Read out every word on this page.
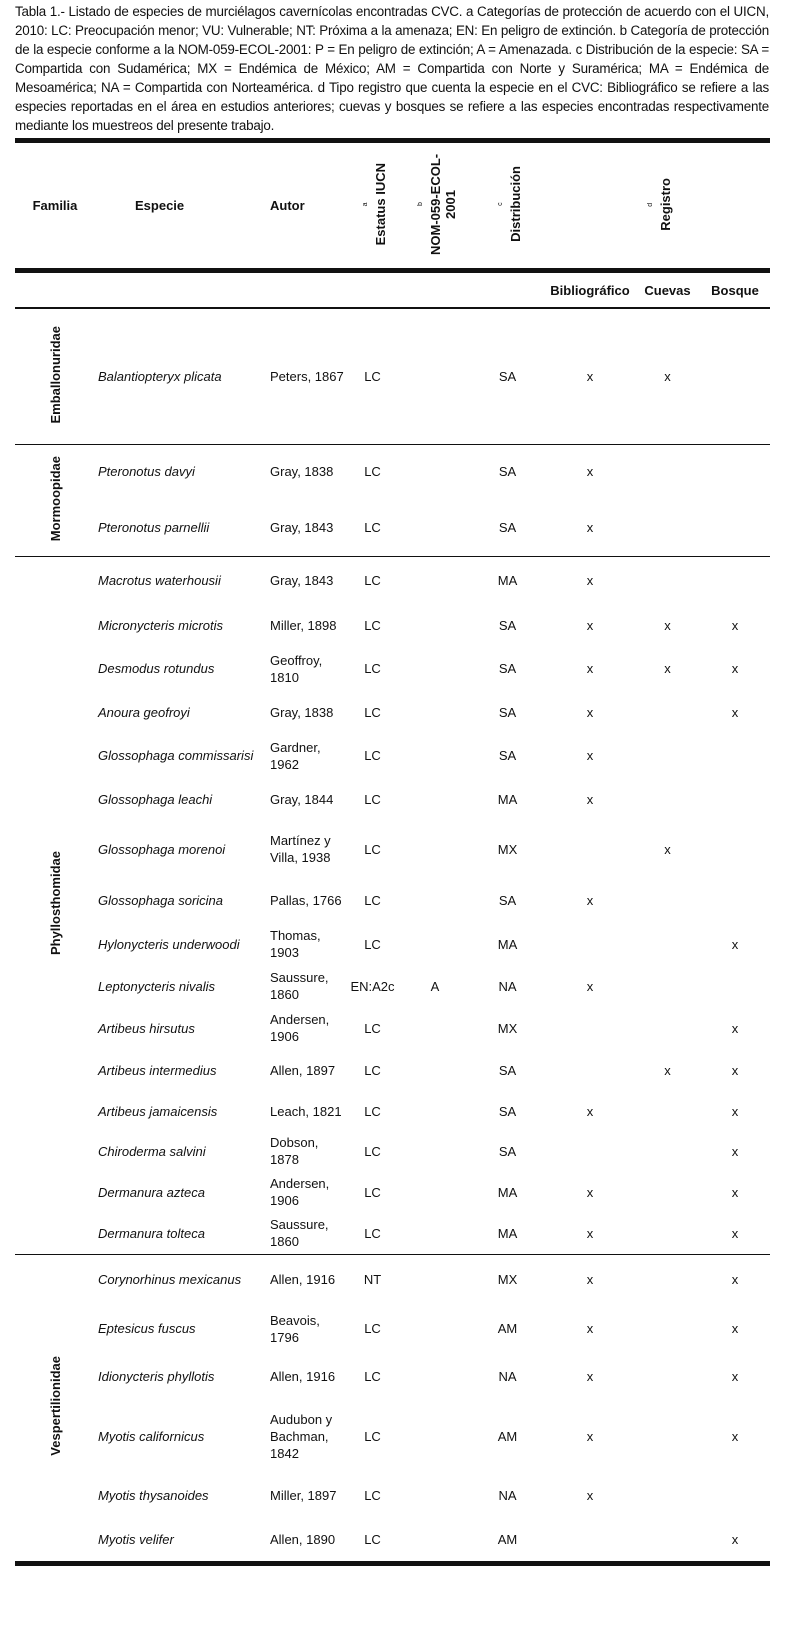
Tabla 1.- Listado de especies de murciélagos cavernícolas encontradas CVC. a Categorías de protección de acuerdo con el UICN, 2010: LC: Preocupación menor; VU: Vulnerable; NT: Próxima a la amenaza; EN: En peligro de extinción. b Categoría de protección de la especie conforme a la NOM-059-ECOL-2001: P = En peligro de extinción; A = Amenazada. c Distribución de la especie: SA = Compartida con Sudamérica; MX = Endémica de México; AM = Compartida con Norte y Suramérica; MA = Endémica de Mesoamérica; NA = Compartida con Norteamérica. d Tipo registro que cuenta la especie en el CVC: Bibliográfico se refiere a las especies reportadas en el área en estudios anteriores; cuevas y bosques se refiere a las especies encontradas respectivamente mediante los muestreos del presente trabajo.
Familia	Especie	Autor	a Estatus IUCN	b NOM-059-ECOL-2001	c Distribución	d Registro		
						Bibliográfico	Cuevas	Bosque
Emballonuridae	Balantiopteryx plicata	Peters, 1867	LC		SA	x	x	
Mormoopidae	Pteronotus davyi	Gray, 1838	LC		SA	x		
	Pteronotus parnellii	Gray, 1843	LC		SA	x		
Phyllosthomidae	Macrotus waterhousii	Gray, 1843	LC		MA	x		
	Micronycteris microtis	Miller, 1898	LC		SA	x	x	x
	Desmodus rotundus	Geoffroy, 1810	LC		SA	x	x	x
	Anoura geofroyi	Gray, 1838	LC		SA	x		x
	Glossophaga commissarisi	Gardner, 1962	LC		SA	x		
	Glossophaga leachi	Gray, 1844	LC		MA	x		
	Glossophaga morenoi	Martínez y Villa, 1938	LC		MX		x	
	Glossophaga soricina	Pallas, 1766	LC		SA	x		
	Hylonycteris underwoodi	Thomas, 1903	LC		MA			x
	Leptonycteris nivalis	Saussure, 1860	EN:A2c	A	NA	x		
	Artibeus hirsutus	Andersen, 1906	LC		MX			x
	Artibeus intermedius	Allen, 1897	LC		SA		x	x
	Artibeus jamaicensis	Leach, 1821	LC		SA	x		x
	Chiroderma salvini	Dobson, 1878	LC		SA			x
	Dermanura azteca	Andersen, 1906	LC		MA	x		x
	Dermanura tolteca	Saussure, 1860	LC		MA	x		x
Vespertilionidae	Corynorhinus mexicanus	Allen, 1916	NT		MX	x		x
	Eptesicus fuscus	Beavois, 1796	LC		AM	x		x
	Idionycteris phyllotis	Allen, 1916	LC		NA	x		x
	Myotis californicus	Audubon y Bachman, 1842	LC		AM	x		x
	Myotis thysanoides	Miller, 1897	LC		NA	x		
	Myotis velifer	Allen, 1890	LC		AM			x
